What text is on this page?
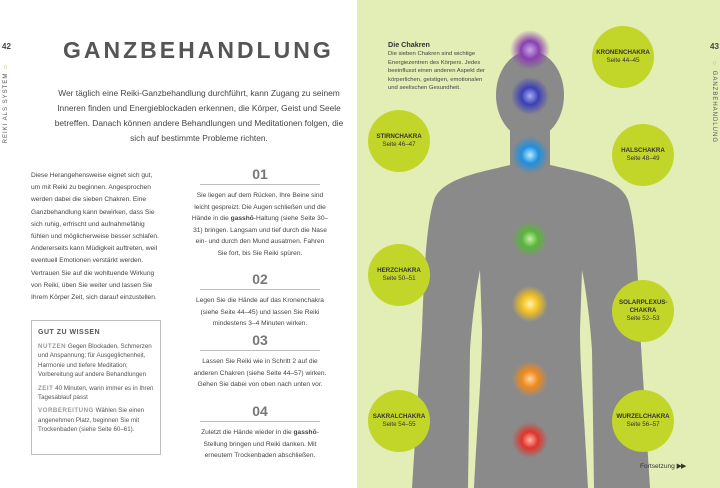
42
REIKI ALS SYSTEM ○
GANZBEHANDLUNG
Wer täglich eine Reiki-Ganzbehandlung durchführt, kann Zugang zu seinem Inneren finden und Energieblockaden erkennen, die Körper, Geist und Seele betreffen. Danach können andere Behandlungen und Meditationen folgen, die sich auf bestimmte Probleme richten.
Diese Herangehensweise eignet sich gut, um mit Reiki zu beginnen. Angesprochen werden dabei die sieben Chakren. Eine Ganzbehandlung kann bewirken, dass Sie sich ruhig, erfrischt und aufnahmefähig fühlen und möglicherweise besser schlafen. Andererseits kann Müdigkeit auftreten, weil eventuell Emotionen verstärkt werden. Vertrauen Sie auf die wohltuende Wirkung von Reiki, üben Sie weiter und lassen Sie Ihrem Körper Zeit, sich darauf einzustellen.
GUT ZU WISSEN
NUTZEN Gegen Blockaden, Schmerzen und Anspannung; für Ausgeglichenheit, Harmonie und tiefere Meditation; Vorbereitung auf andere Behandlungen
ZEIT 40 Minuten, wann immer es in Ihren Tagesablauf passt
VORBEREITUNG Wählen Sie einen angenehmen Platz, beginnen Sie mit Trockenbaden (siehe Seite 60–61).
01
Sie liegen auf dem Rücken, Ihre Beine sind leicht gespreizt. Die Augen schließen und die Hände in die gasshō-Haltung (siehe Seite 30–31) bringen. Langsam und tief durch die Nase ein- und durch den Mund ausatmen. Fahren Sie fort, bis Sie Reiki spüren.
02
Legen Sie die Hände auf das Kronenchakra (siehe Seite 44–45) und lassen Sie Reiki mindestens 3–4 Minuten wirken.
03
Lassen Sie Reiki wie in Schritt 2 auf die anderen Chakren (siehe Seite 44–57) wirken. Gehen Sie dabei von oben nach unten vor.
04
Zuletzt die Hände wieder in die gasshō-Stellung bringen und Reiki danken. Mit erneutem Trockenbaden abschließen.
43
○ GANZBEHANDLUNG
Die Chakren
Die sieben Chakren sind wichtige Energiezentren des Körpers. Jedes beeinflusst einen anderen Aspekt der körperlichen, geistigen, emotionalen und seelischen Gesundheit.
KRONENCHAKRA
Seite 44–45
STIRNCHAKRA
Seite 46–47
HALSCHAKRA
Seite 48–49
HERZCHAKRA
Seite 50–51
SOLARPLEXUS-CHAKRA
Seite 52–53
SAKRALCHAKRA
Seite 54–55
WURZELCHAKRA
Seite 56–57
Fortsetzung ▶▶
